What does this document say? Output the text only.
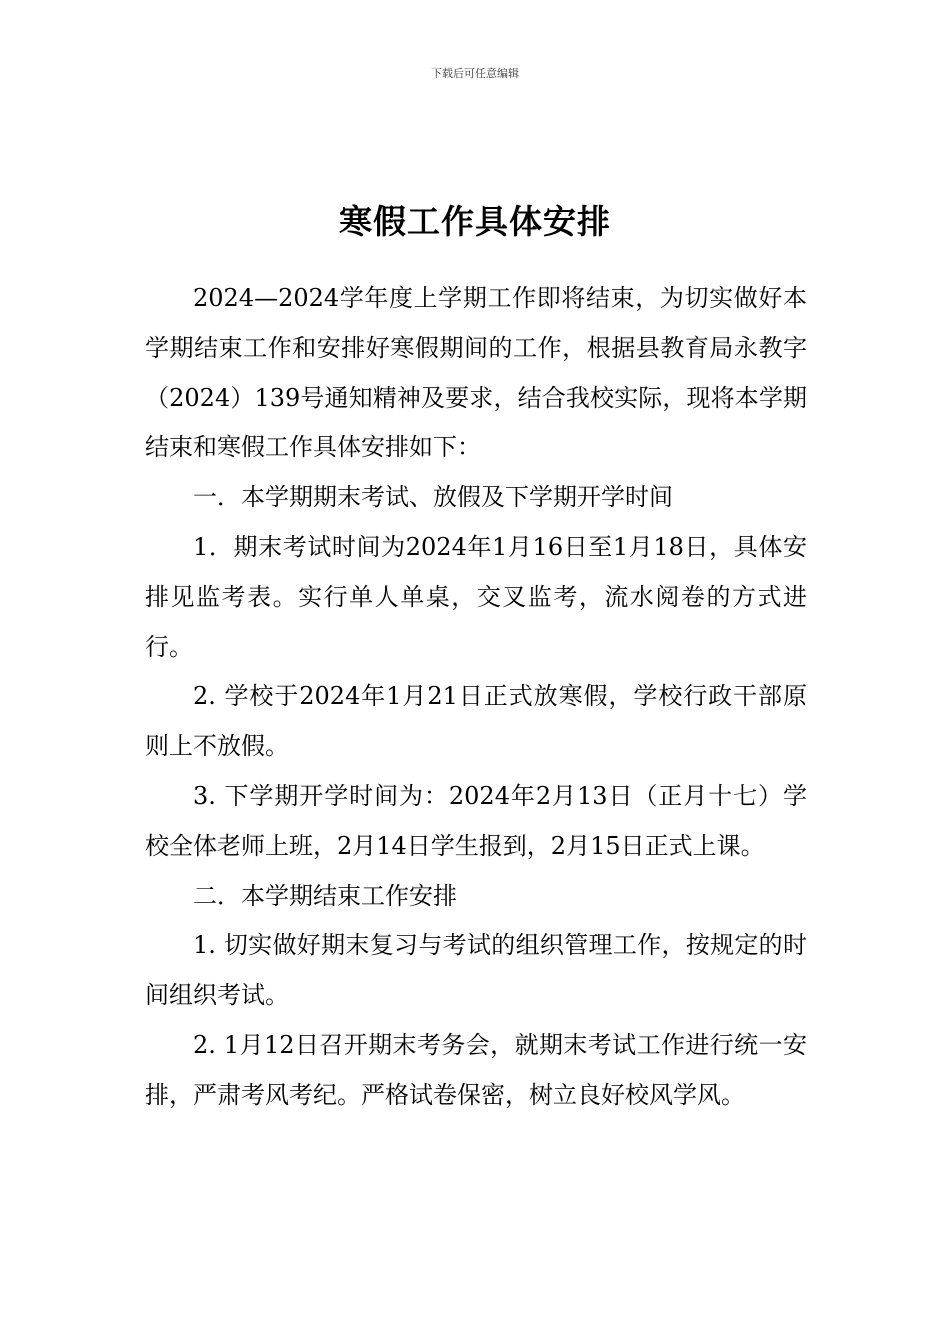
下载后可任意编辑
寒假工作具体安排

2024—2024学年度上学期工作即将结束，为切实做好本学期结束工作和安排好寒假期间的工作，根据县教育局永教字（2024）139号通知精神及要求，结合我校实际，现将本学期结束和寒假工作具体安排如下：

一．本学期期末考试、放假及下学期开学时间

1．期末考试时间为2024年1月16日至1月18日，具体安排见监考表。实行单人单桌，交叉监考，流水阅卷的方式进行。

2. 学校于2024年1月21日正式放寒假，学校行政干部原则上不放假。

3. 下学期开学时间为：2024年2月13日（正月十七）学校全体老师上班，2月14日学生报到，2月15日正式上课。

二．本学期结束工作安排

1. 切实做好期末复习与考试的组织管理工作，按规定的时间组织考试。

2. 1月12日召开期末考务会，就期末考试工作进行统一安排，严肃考风考纪。严格试卷保密，树立良好校风学风。
